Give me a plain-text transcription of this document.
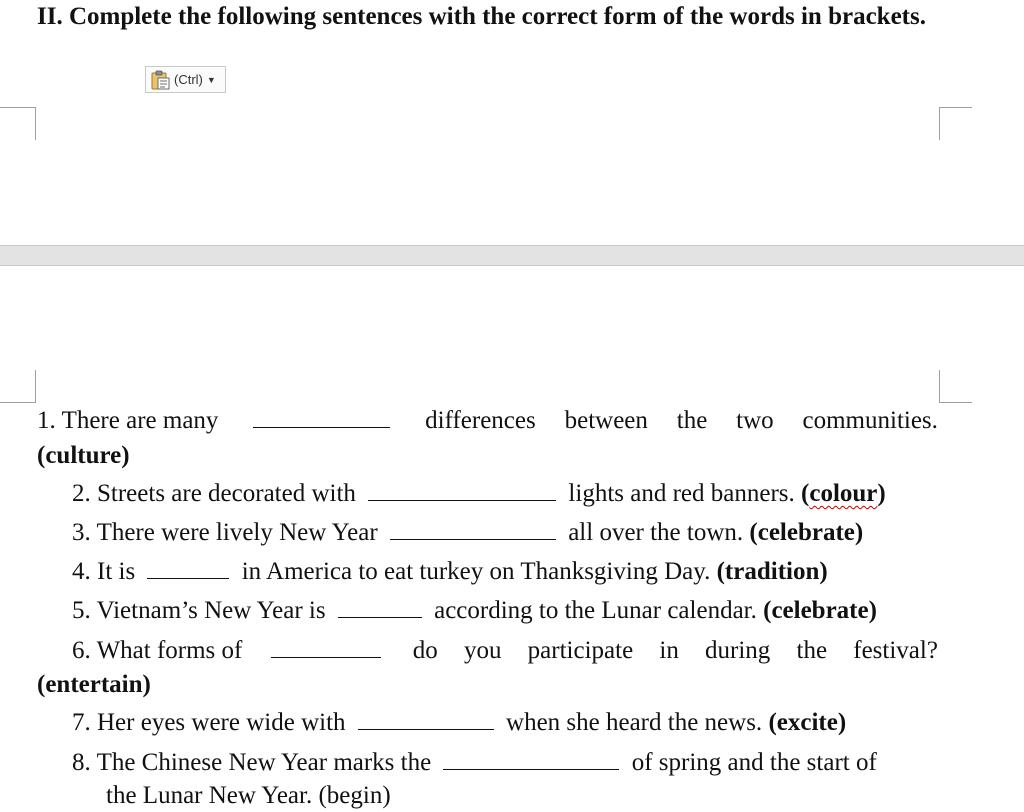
II. Complete the following sentences with the correct form of the words in brackets.

(Ctrl) ▼
1. There are many	differences between the two communities.
(culture)
2. Streets are decorated with	lights and red banners. (colour)
3. There were lively New Year	all over the town. (celebrate)
4. It is	in America to eat turkey on Thanksgiving Day. (tradition)
5. Vietnam’s New Year is	according to the Lunar calendar. (celebrate)
6. What forms of	do you participate in during the festival?
(entertain)
7. Her eyes were wide with	when she heard the news. (excite)
8. The Chinese New Year marks the	of spring and the start of
the Lunar New Year. (begin)
